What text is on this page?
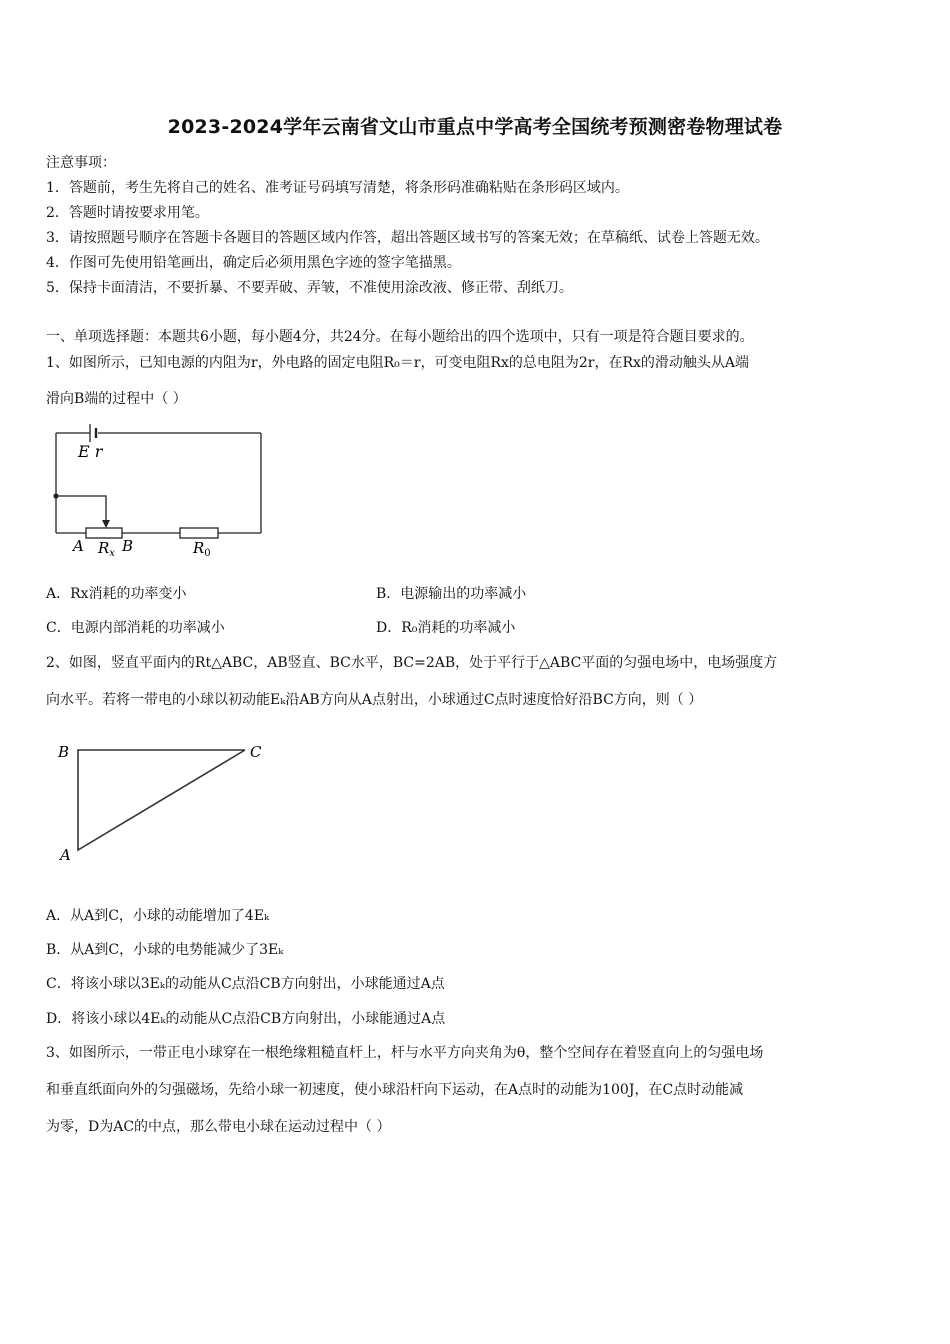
2023-2024学年云南省文山市重点中学高考全国统考预测密卷物理试卷
注意事项：
1．答题前，考生先将自己的姓名、准考证号码填写清楚，将条形码准确粘贴在条形码区域内。
2．答题时请按要求用笔。
3．请按照题号顺序在答题卡各题目的答题区域内作答，超出答题区域书写的答案无效；在草稿纸、试卷上答题无效。
4．作图可先使用铅笔画出，确定后必须用黑色字迹的签字笔描黑。
5．保持卡面清洁，不要折暴、不要弄破、弄皱，不准使用涂改液、修正带、刮纸刀。
一、单项选择题：本题共6小题，每小题4分，共24分。在每小题给出的四个选项中，只有一项是符合题目要求的。
1、如图所示，已知电源的内阻为r，外电路的固定电阻R₀＝r，可变电阻Rx的总电阻为2r，在Rx的滑动触头从A端
滑向B端的过程中（ ）
E r
A $R_x$ B	$R_0$
A．Rx消耗的功率变小	B．电源输出的功率减小
C．电源内部消耗的功率减小	D．R₀消耗的功率减小
2、如图，竖直平面内的Rt△ABC，AB竖直、BC水平，BC=2AB，处于平行于△ABC平面的匀强电场中，电场强度方
向水平。若将一带电的小球以初动能Eₖ沿AB方向从A点射出，小球通过C点时速度恰好沿BC方向，则（ ）
B	C
A
A．从A到C，小球的动能增加了4Eₖ
B．从A到C，小球的电势能减少了3Eₖ
C．将该小球以3Eₖ的动能从C点沿CB方向射出，小球能通过A点
D．将该小球以4Eₖ的动能从C点沿CB方向射出，小球能通过A点
3、如图所示，一带正电小球穿在一根绝缘粗糙直杆上，杆与水平方向夹角为θ，整个空间存在着竖直向上的匀强电场
和垂直纸面向外的匀强磁场，先给小球一初速度，使小球沿杆向下运动，在A点时的动能为100J，在C点时动能减
为零，D为AC的中点，那么带电小球在运动过程中（ ）
